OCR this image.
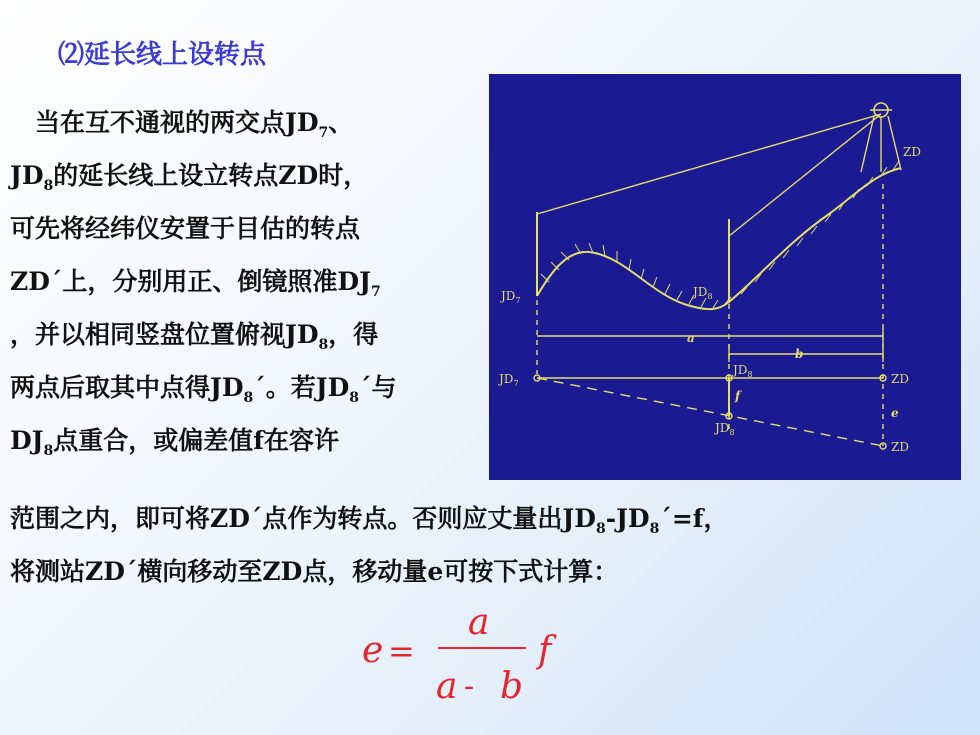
⑵延长线上设转点
　当在互不通视的两交点$JD_7$、
$JD_8$的延长线上设立转点ZD时，
可先将经纬仪安置于目估的转点
ZD´上，分别用正、倒镜照准$DJ_7$
，并以相同竖盘位置俯视$JD_8$，得
两点后取其中点得$JD_8´$。若$JD_8´$与
$DJ_8$点重合，或偏差值f在容许
$JD_7$
$JD_8$
ZD
a
b
$JD_7$
$JD_8$	ZD
f
e
$JD_8$
ZD
范围之内，即可将ZD´点作为转点。否则应丈量出$JD_8-JD_8´=f$，
将测站ZD´横向移动至ZD点，移动量e可按下式计算：
e =
a
a - b
f
